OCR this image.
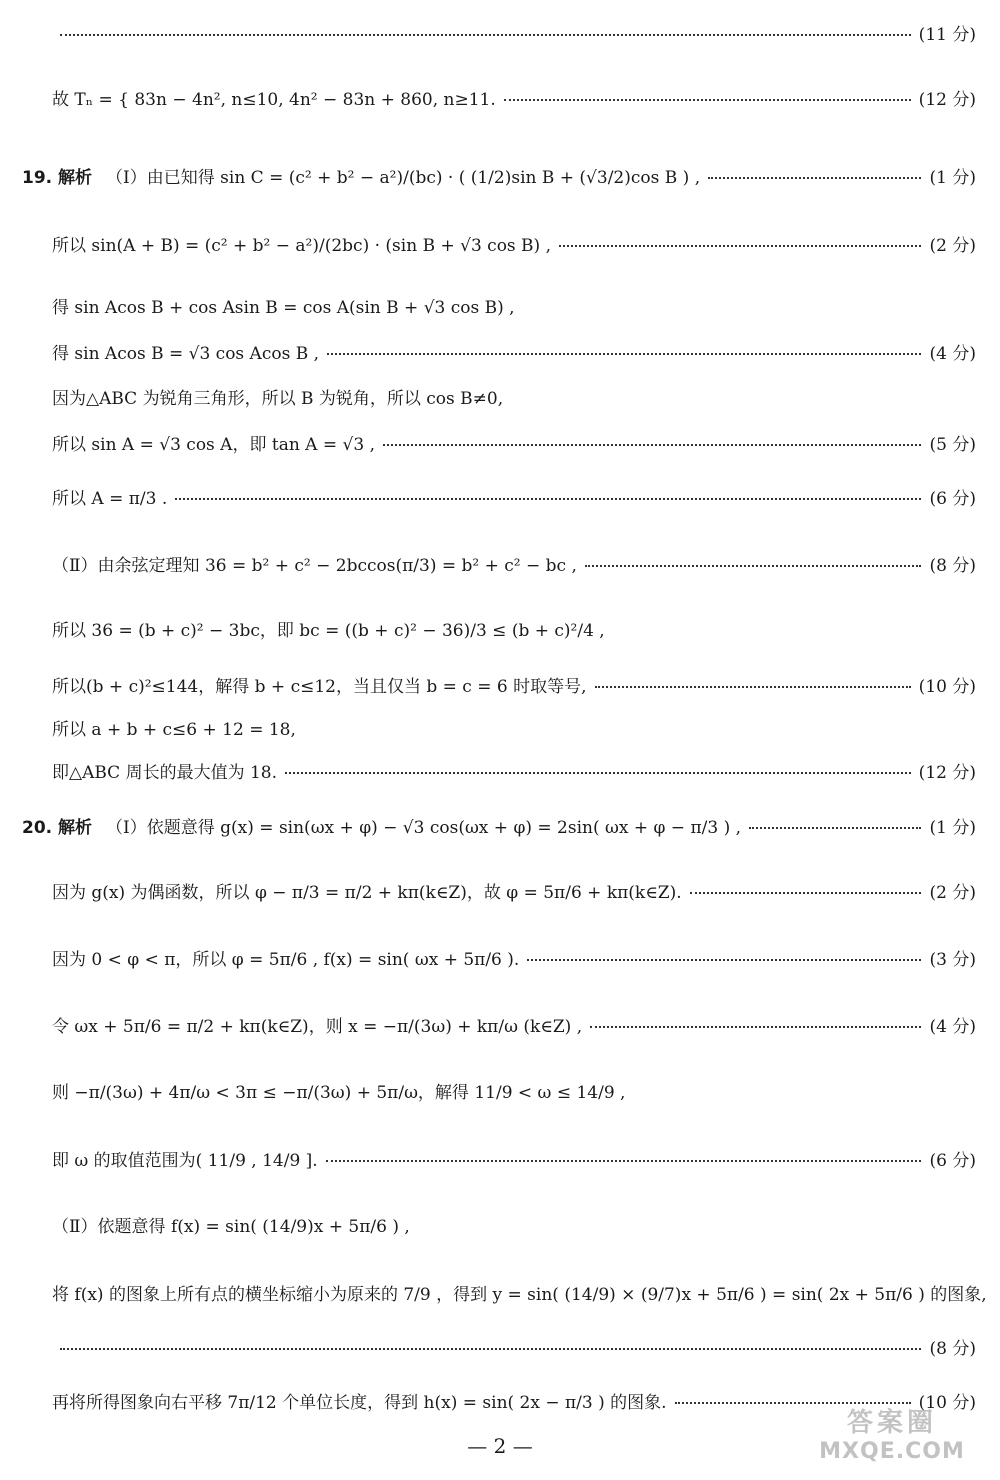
( 11 分 )
故 Tₙ = { 83n − 4n², n≤10, 4n² − 83n + 860, n≥11.	( 12 分 )
19. 解析 （Ⅰ）由已知得 sin C = (c² + b² − a²)/(bc) · ( (1/2)sin B + (√3/2)cos B ) ,	( 1 分 )
所以 sin(A + B) = (c² + b² − a²)/(2bc) · (sin B + √3 cos B) ,	( 2 分 )
得 sin Acos B + cos Asin B = cos A(sin B + √3 cos B) ,
得 sin Acos B = √3 cos Acos B ,	( 4 分 )
因为△ABC 为锐角三角形，所以 B 为锐角，所以 cos B≠0,
所以 sin A = √3 cos A，即 tan A = √3 ,	( 5 分 )
所以 A = π/3 .	( 6 分 )
（Ⅱ）由余弦定理知 36 = b² + c² − 2bccos(π/3) = b² + c² − bc ,	( 8 分 )
所以 36 = (b + c)² − 3bc，即 bc = ((b + c)² − 36)/3 ≤ (b + c)²/4 ,
所以(b + c)²≤144，解得 b + c≤12，当且仅当 b = c = 6 时取等号,	( 10 分 )
所以 a + b + c≤6 + 12 = 18,
即△ABC 周长的最大值为 18.	( 12 分 )
20. 解析 （Ⅰ）依题意得 g(x) = sin(ωx + φ) − √3 cos(ωx + φ) = 2sin( ωx + φ − π/3 ) ,	( 1 分 )
因为 g(x) 为偶函数，所以 φ − π/3 = π/2 + kπ(k∈Z)，故 φ = 5π/6 + kπ(k∈Z).	( 2 分 )
因为 0 < φ < π，所以 φ = 5π/6 , f(x) = sin( ωx + 5π/6 ).	( 3 分 )
令 ωx + 5π/6 = π/2 + kπ(k∈Z)，则 x = −π/(3ω) + kπ/ω (k∈Z) ,	( 4 分 )
则 −π/(3ω) + 4π/ω < 3π ≤ −π/(3ω) + 5π/ω，解得 11/9 < ω ≤ 14/9 ,
即 ω 的取值范围为( 11/9 , 14/9 ].	( 6 分 )
（Ⅱ）依题意得 f(x) = sin( (14/9)x + 5π/6 ) ,
将 f(x) 的图象上所有点的横坐标缩小为原来的 7/9 ，得到 y = sin( (14/9) × (9/7)x + 5π/6 ) = sin( 2x + 5π/6 ) 的图象,
( 8 分 )
再将所得图象向右平移 7π/12 个单位长度，得到 h(x) = sin( 2x − π/3 ) 的图象.	( 10 分 )
— 2 —
答案圈
MXQE.COM
